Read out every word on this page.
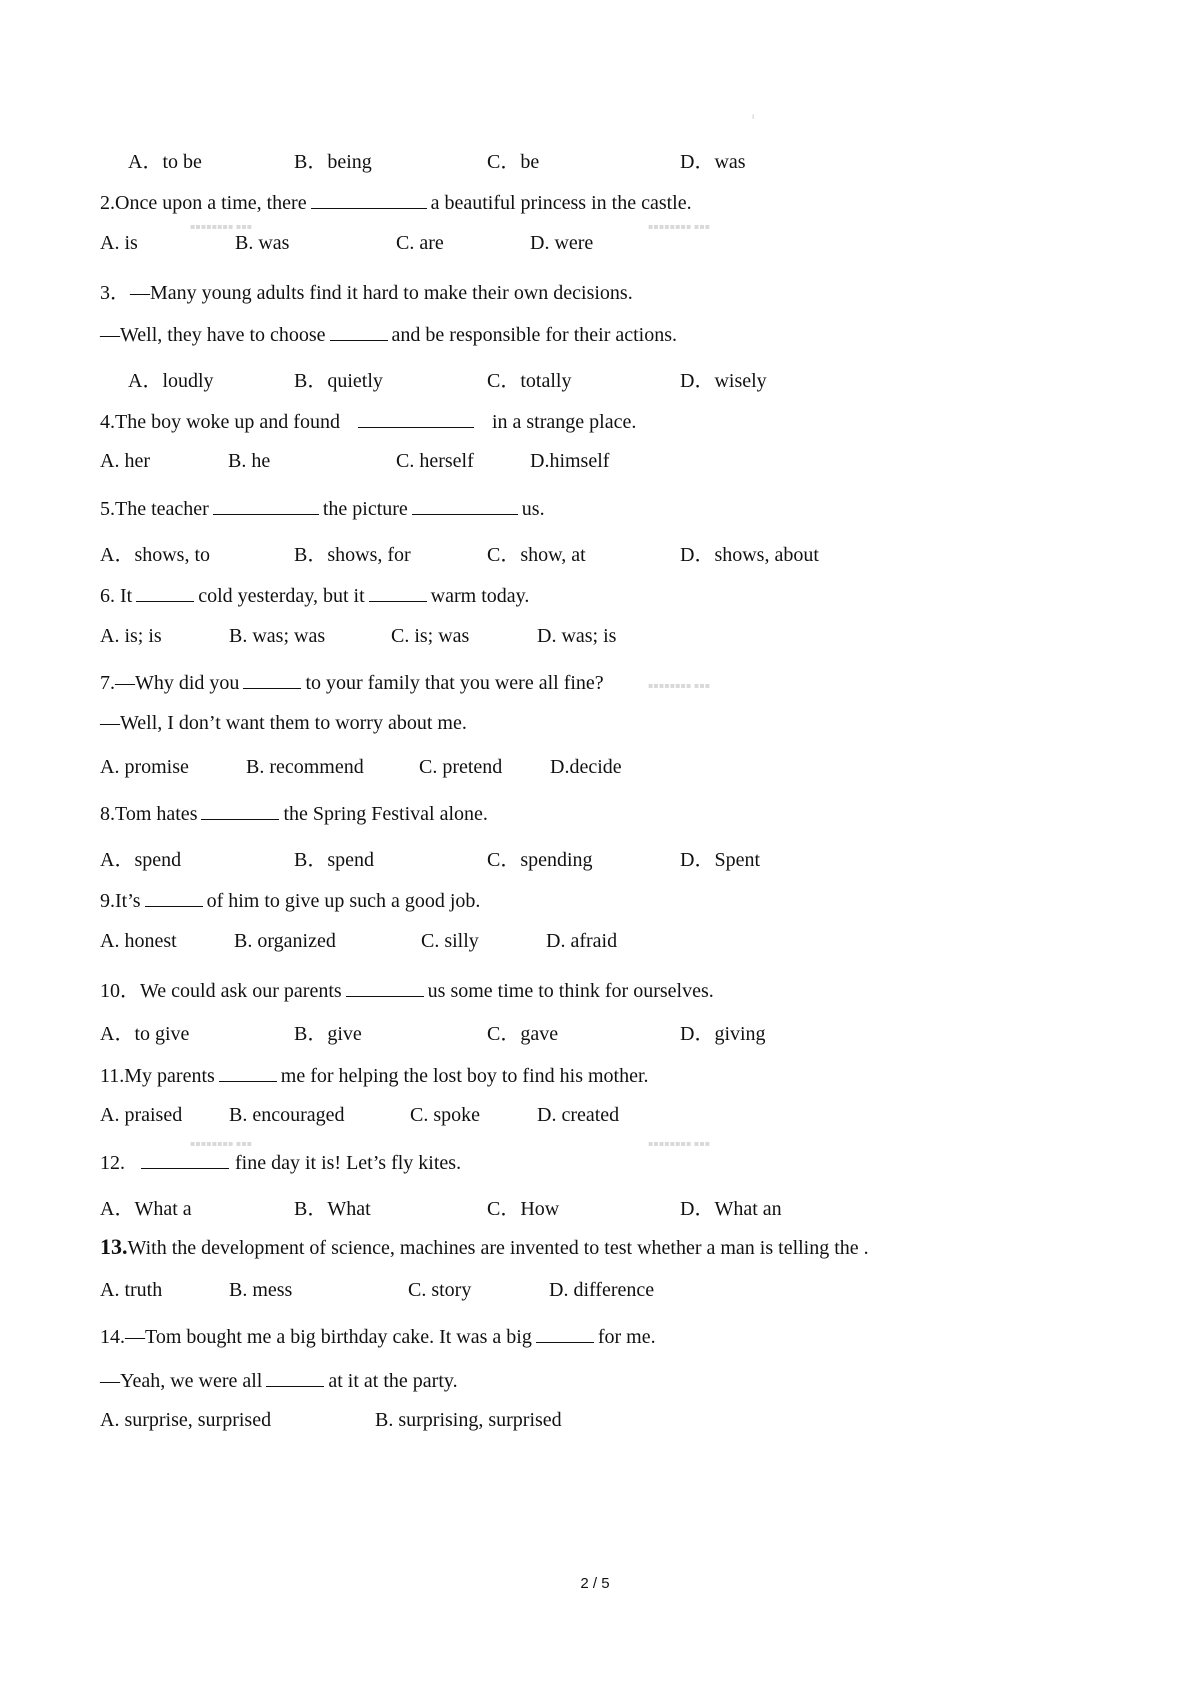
ı
▪▪▪▪▪▪▪▪ ▪▪▪	▪▪▪▪▪▪▪▪ ▪▪▪
▪▪▪▪▪▪▪▪ ▪▪▪
▪▪▪▪▪▪▪▪ ▪▪▪	▪▪▪▪▪▪▪▪ ▪▪▪
A．to be	B．being	C．be	D．was
2.Once upon a time, there	a beautiful princess in the castle.
A. is	B. was	C. are	D. were
3．—Many young adults find it hard to make their own decisions.
—Well, they have to choose	and be responsible for their actions.
A．loudly	B．quietly	C．totally	D．wisely
4.The boy woke up and found	in a strange place.
A. her	B. he	C. herself	D.himself
5.The teacher	the picture	us.
A．shows, to	B．shows, for	C．show, at	D．shows, about
6. It	cold yesterday, but it	warm today.
A. is; is	B. was; was	C. is; was	D. was; is
7.—Why did you	to your family that you were all fine?
—Well, I don’t want them to worry about me.
A. promise	B. recommend	C. pretend D.decide
8.Tom hates	the Spring Festival alone.
A．spend	B．spend	C．spending	D．Spent
9.It’s	of him to give up such a good job.
A. honest	B. organized	C. silly	D. afraid
10．We could ask our parents	us some time to think for ourselves.
A．to give	B．give	C．gave	D．giving
11.My parents	me for helping the lost boy to find his mother.
A. praised B. encouraged	C. spoke	D. created
12.	fine day it is! Let’s fly kites.
A．What a	B．What	C．How	D．What an
13.With the development of science, machines are invented to test whether a man is telling the .
A. truth	B. mess	C. story	D. difference
14.—Tom bought me a big birthday cake. It was a big	for me.
—Yeah, we were all	at it at the party.
A. surprise, surprised	B. surprising, surprised
2 / 5
